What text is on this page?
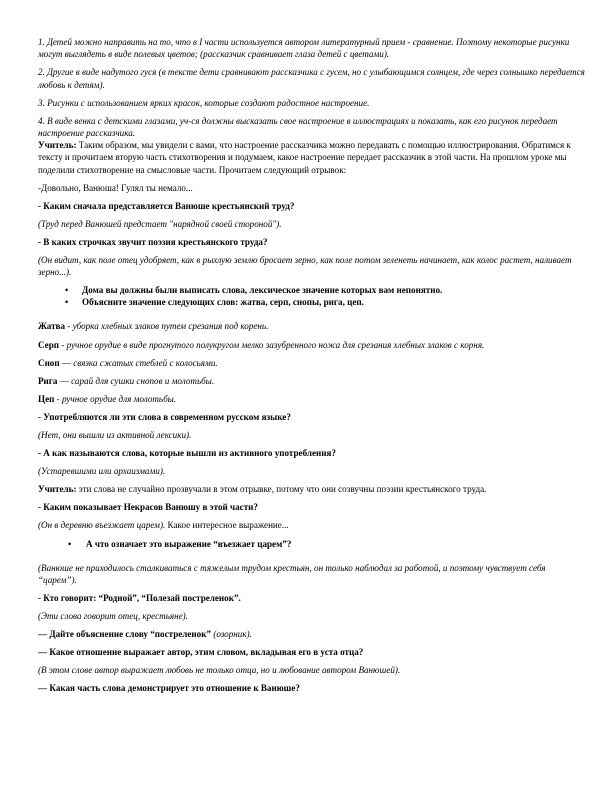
1. Детей можно направить на то, что в I части используется автором литературный прием - сравнение. Поэтому некоторые рисунки могут выглядеть в виде полевых цветов; (рассказчик сравнивает глаза детей с цветами).

2. Другие в виде надутого гуся (в тексте дети сравнивают рассказчика с гусем, но с улыбающимся солнцем, где через солнышко передается любовь к детям).

3. Рисунки с использованием ярких красок, которые создают радостное настроение.

4. В виде венка с детскими глазами, уч-ся должны высказать свое настроение в иллюстрациях и показать, как его рисунок передает настроение рассказчика.

Учитель: Таким образом, мы увидели с вами, что настроение рассказчика можно передавать с помощью иллюстрирования. Обратимся к тексту и прочитаем вторую часть стихотворения и подумаем, какое настроение передает рассказчик в этой части. На прошлом уроке мы поделили стихотворение на смысловые части. Прочитаем следующий отрывок:

-Довольно, Ванюша! Гулял ты немало...

- Каким сначала представляется Ванюше крестьянский труд?

(Труд перед Ванюшей предстает "нарядной своей стороной").

- В каких строчках звучит поэзия крестьянского труда?

(Он видит, как поле отец удобряет, как в рыхлую землю бросает зерно, как поле потом зеленеть начинает, как колос растет, наливает зерно...).

• Дома вы должны были выписать слова, лексическое значение которых вам непонятно.
• Объясните значение следующих слов: жатва, серп, снопы, рига, цеп.

Жатва - уборка хлебных злаков путем срезания под корень.

Серп - ручное орудие в виде прогнутого полукругом мелко зазубренного ножа для срезания хлебных злаков с корня.

Сноп — связка сжатых стеблей с колосьями.

Рига — сарай для сушки снопов и молотьбы.

Цеп - ручное орудие для молотьбы.

- Употребляются ли эти слова в современном русском языке?

(Нет, они вышли из активной лексики).

- А как называются слова, которые вышли из активного употребления?

(Устаревшими или архаизмами).

Учитель: эти слова не случайно прозвучали в этом отрывке, потому что они созвучны поэзии крестьянского труда.

- Каким показывает Некрасов Ванюшу в этой части?

(Он в деревню въезжает царем). Какое интересное выражение...

• А что означает это выражение “въезжает царем”?

(Ванюше не приходилось сталкиваться с тяжелым трудом крестьян, он только наблюдал за работой, и поэтому чувствует себя “царем”).

- Кто говорит: “Родной”, “Полезай постреленок”.

(Эти слова говорит отец, крестьяне).

— Дайте объяснение слову “постреленок” (озорник).

— Какое отношение выражает автор, этим словом, вкладывая его в уста отца?

(В этом слове автор выражает любовь не только отца, но и любование автором Ванюшей).

— Какая часть слова демонстрирует это отношение к Ванюше?
